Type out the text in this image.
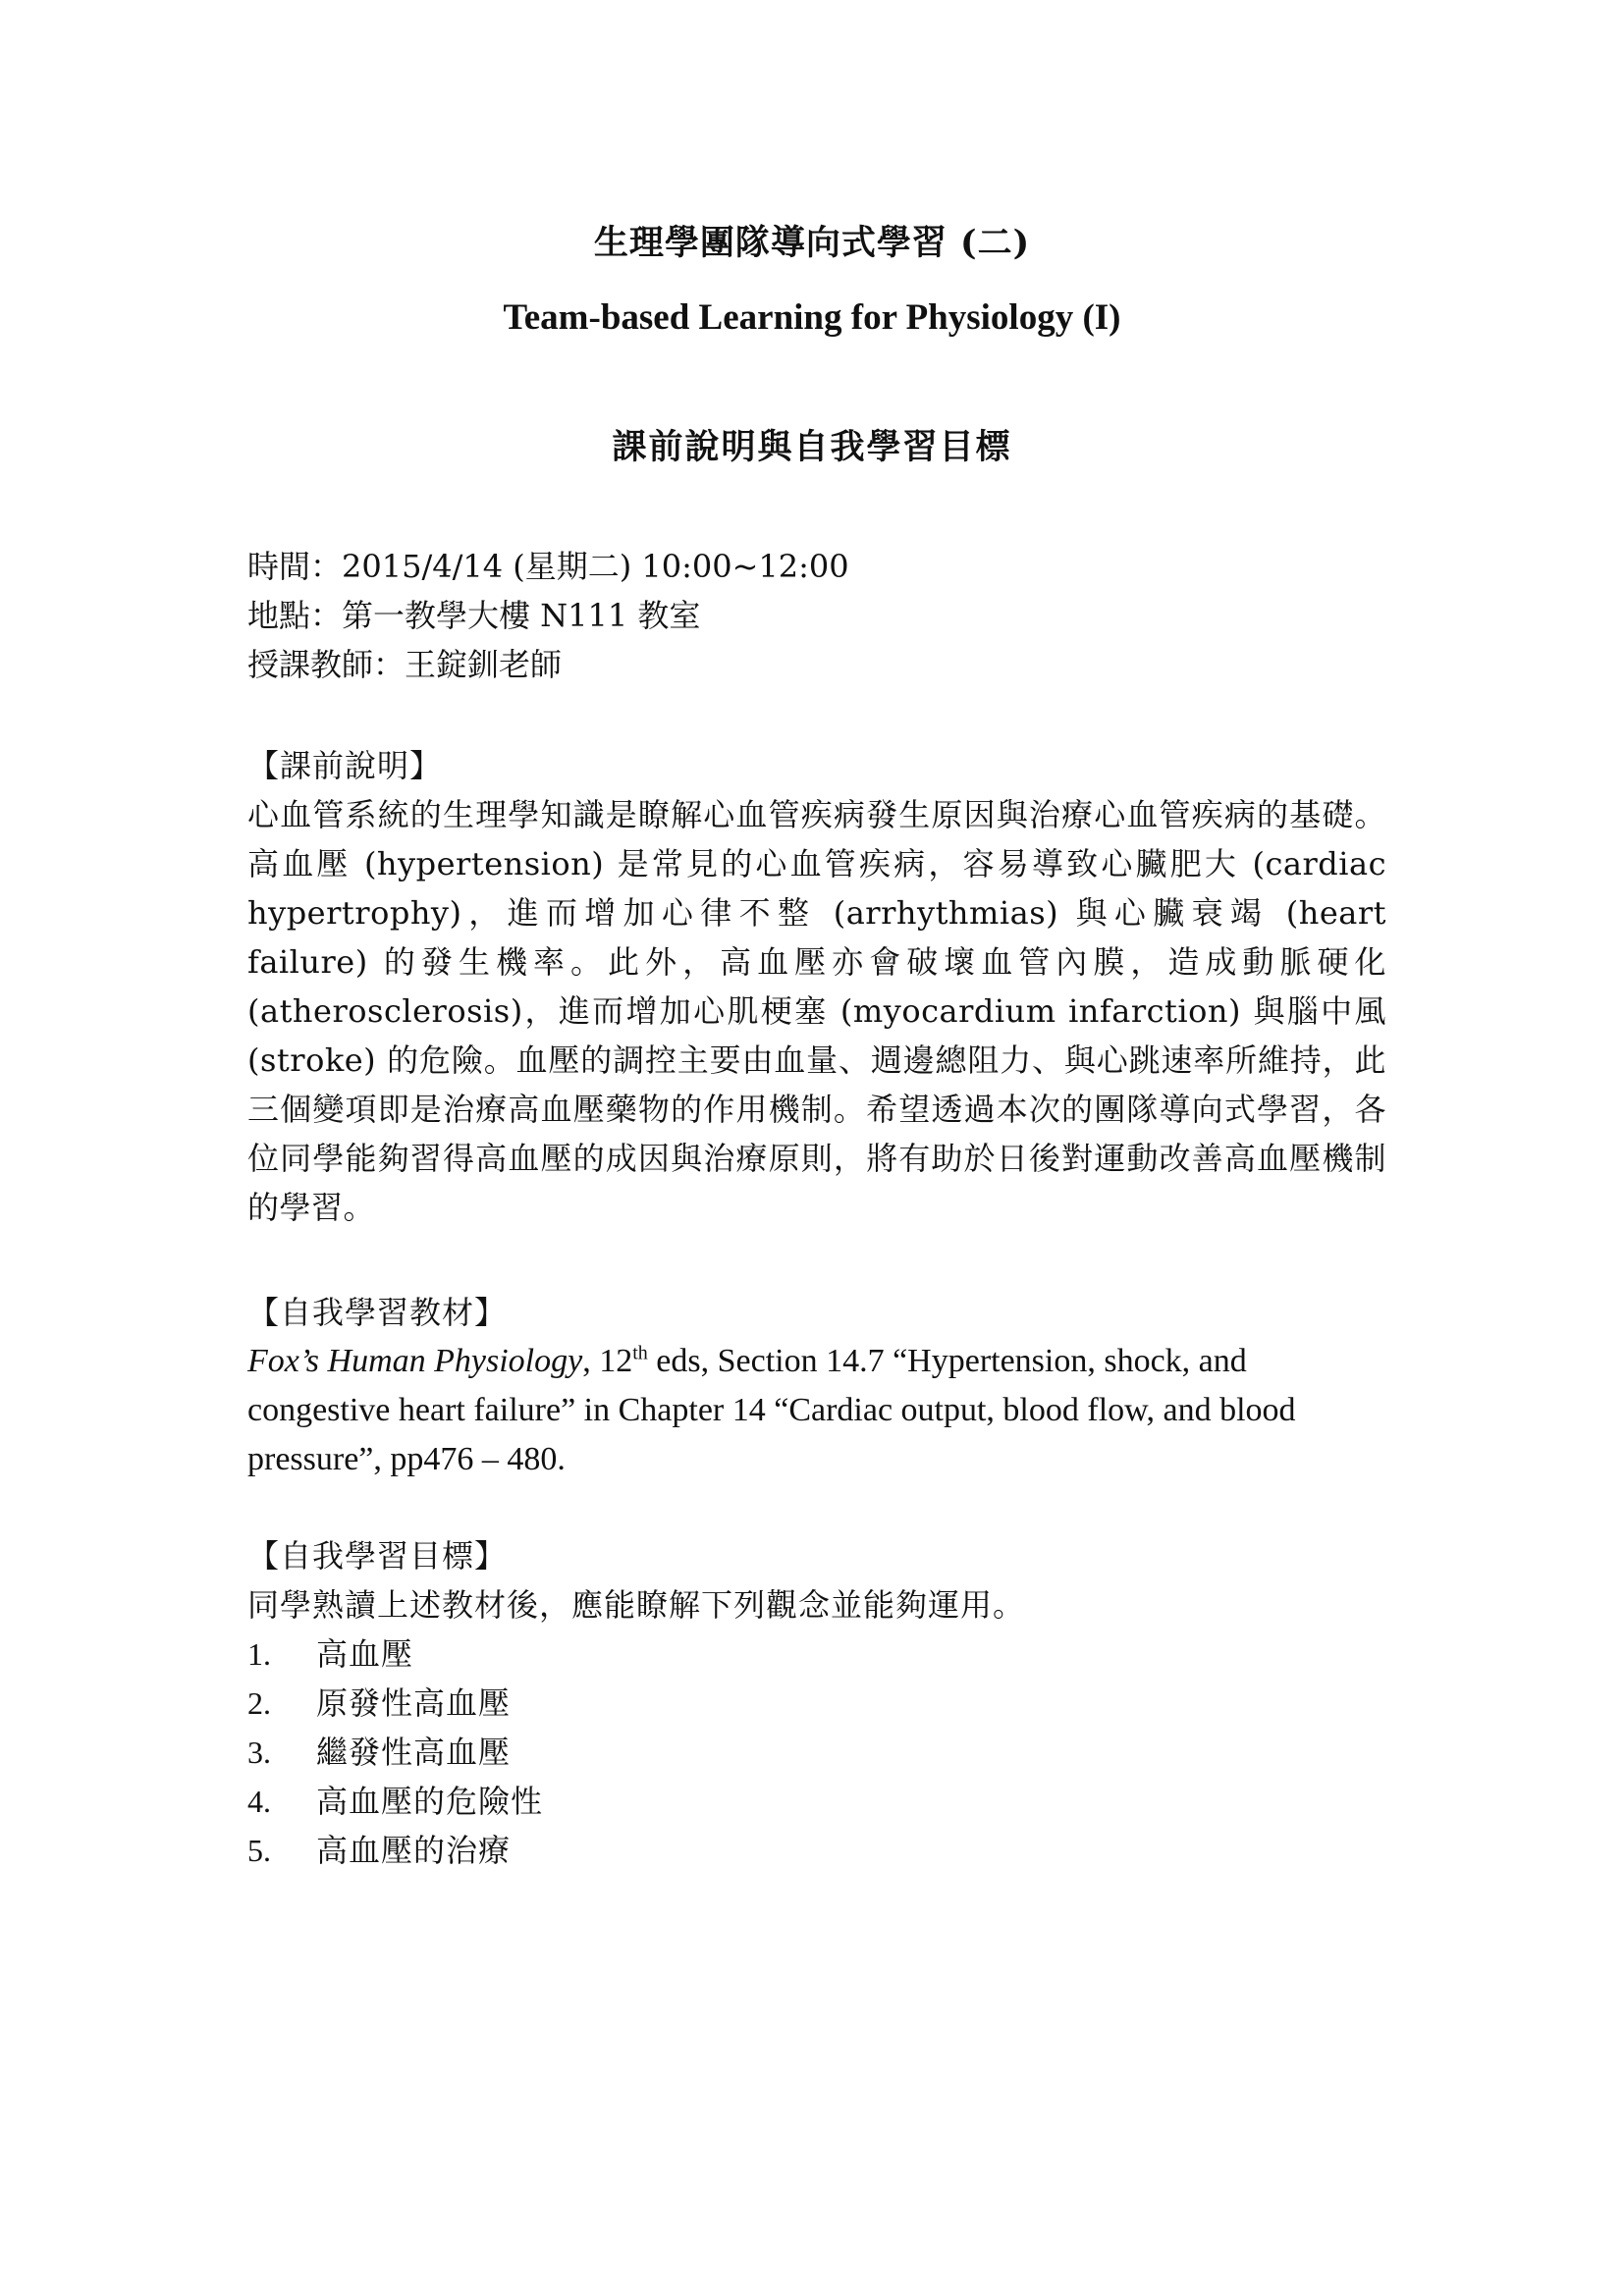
生理學團隊導向式學習 (二)
Team-based Learning for Physiology (I)
課前說明與自我學習目標
時間：2015/4/14 (星期二) 10:00~12:00
地點：第一教學大樓 N111 教室
授課教師：王錠釧老師
【課前說明】
心血管系統的生理學知識是瞭解心血管疾病發生原因與治療心血管疾病的基礎。高血壓 (hypertension) 是常見的心血管疾病，容易導致心臟肥大 (cardiac hypertrophy)，進而增加心律不整 (arrhythmias) 與心臟衰竭 (heart failure) 的發生機率。此外，高血壓亦會破壞血管內膜，造成動脈硬化 (atherosclerosis)，進而增加心肌梗塞 (myocardium infarction) 與腦中風 (stroke) 的危險。血壓的調控主要由血量、週邊總阻力、與心跳速率所維持，此三個變項即是治療高血壓藥物的作用機制。希望透過本次的團隊導向式學習，各位同學能夠習得高血壓的成因與治療原則，將有助於日後對運動改善高血壓機制的學習。
【自我學習教材】
Fox’s Human Physiology, 12th eds, Section 14.7 “Hypertension, shock, and congestive heart failure” in Chapter 14 “Cardiac output, blood flow, and blood pressure”, pp476 – 480.
【自我學習目標】
同學熟讀上述教材後，應能瞭解下列觀念並能夠運用。
1.	高血壓
2.	原發性高血壓
3.	繼發性高血壓
4.	高血壓的危險性
5.	高血壓的治療
